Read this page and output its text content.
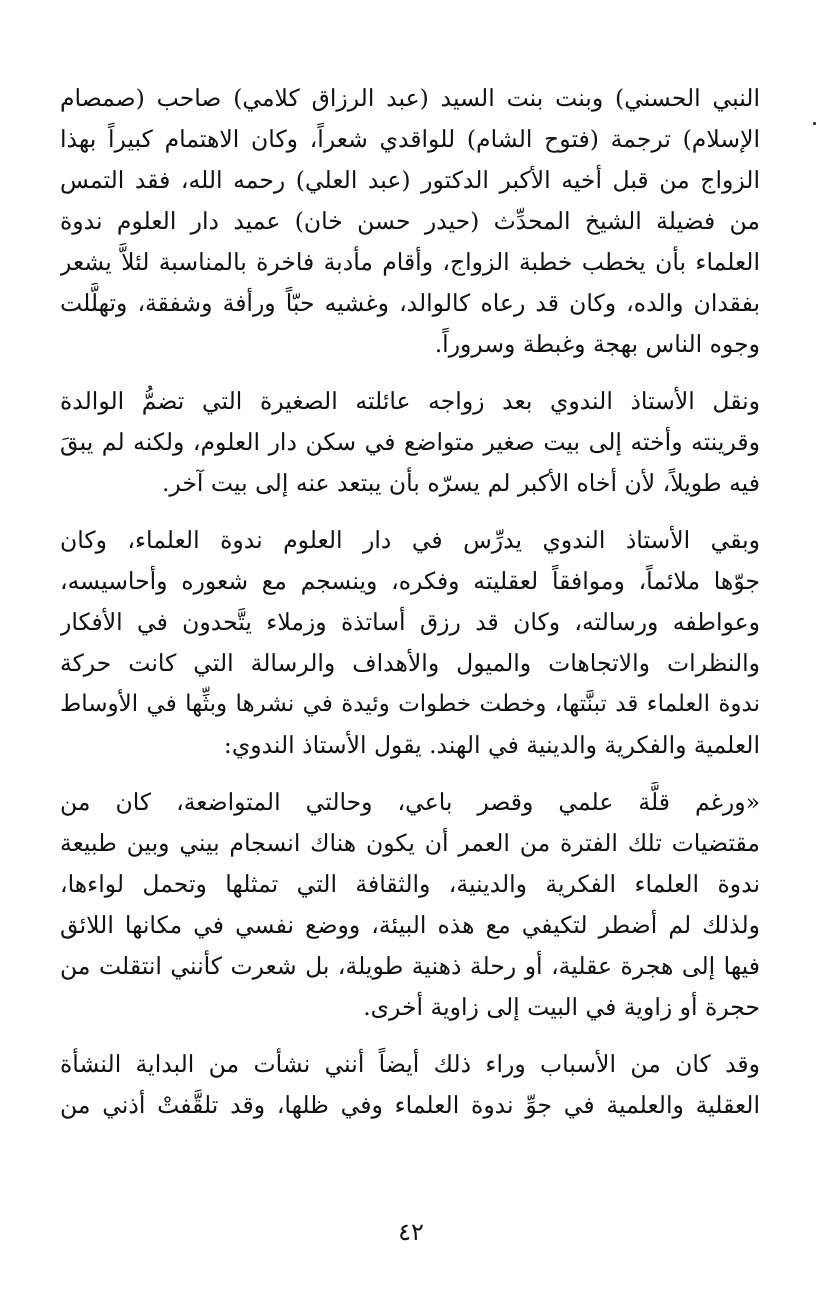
النبي الحسني) وبنت بنت السيد (عبد الرزاق كلامي) صاحب (صمصام
الإسلام) ترجمة (فتوح الشام) للواقدي شعراً، وكان الاهتمام كبيراً بهذا
الزواج من قبل أخيه الأكبر الدكتور (عبد العلي) رحمه الله، فقد التمس
من فضيلة الشيخ المحدِّث (حيدر حسن خان) عميد دار العلوم ندوة
العلماء بأن يخطب خطبة الزواج، وأقام مأدبة فاخرة بالمناسبة لئلاَّ يشعر
بفقدان والده، وكان قد رعاه كالوالد، وغشيه حبّاً ورأفة وشفقة، وتهلَّلت
وجوه الناس بهجة وغبطة وسروراً.
ونقل الأستاذ الندوي بعد زواجه عائلته الصغيرة التي تضمُّ الوالدة
وقرينته وأخته إلى بيت صغير متواضع في سكن دار العلوم، ولكنه لم يبقَ
فيه طويلاً، لأن أخاه الأكبر لم يسرّه بأن يبتعد عنه إلى بيت آخر.
وبقي الأستاذ الندوي يدرِّس في دار العلوم ندوة العلماء، وكان
جوّها ملائماً، وموافقاً لعقليته وفكره، وينسجم مع شعوره وأحاسيسه،
وعواطفه ورسالته، وكان قد رزق أساتذة وزملاء يتَّحدون في الأفكار
والنظرات والاتجاهات والميول والأهداف والرسالة التي كانت حركة
ندوة العلماء قد تبنَّتها، وخطت خطوات وئيدة في نشرها وبثِّها في الأوساط
العلمية والفكرية والدينية في الهند. يقول الأستاذ الندوي:
«ورغم قلَّة علمي وقصر باعي، وحالتي المتواضعة، كان من
مقتضيات تلك الفترة من العمر أن يكون هناك انسجام بيني وبين طبيعة
ندوة العلماء الفكرية والدينية، والثقافة التي تمثلها وتحمل لواءها،
ولذلك لم أضطر لتكيفي مع هذه البيئة، ووضع نفسي في مكانها اللائق
فيها إلى هجرة عقلية، أو رحلة ذهنية طويلة، بل شعرت كأنني انتقلت من
حجرة أو زاوية في البيت إلى زاوية أخرى.
وقد كان من الأسباب وراء ذلك أيضاً أنني نشأت من البداية النشأة
العقلية والعلمية في جوِّ ندوة العلماء وفي ظلها، وقد تلقَّفتْ أذني من
٤٢
